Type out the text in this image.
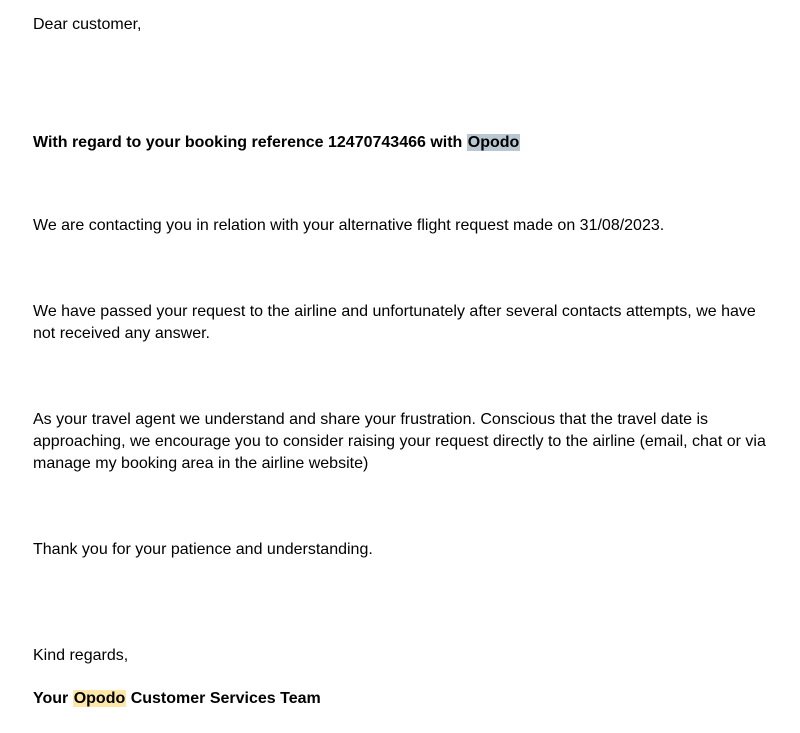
Dear customer,

With regard to your booking reference 12470743466 with Opodo

We are contacting you in relation with your alternative flight request made on 31/08/2023.

We have passed your request to the airline and unfortunately after several contacts attempts, we have not received any answer.

As your travel agent we understand and share your frustration. Conscious that the travel date is approaching, we encourage you to consider raising your request directly to the airline (email, chat or via manage my booking area in the airline website)

Thank you for your patience and understanding.

Kind regards,

Your Opodo Customer Services Team
